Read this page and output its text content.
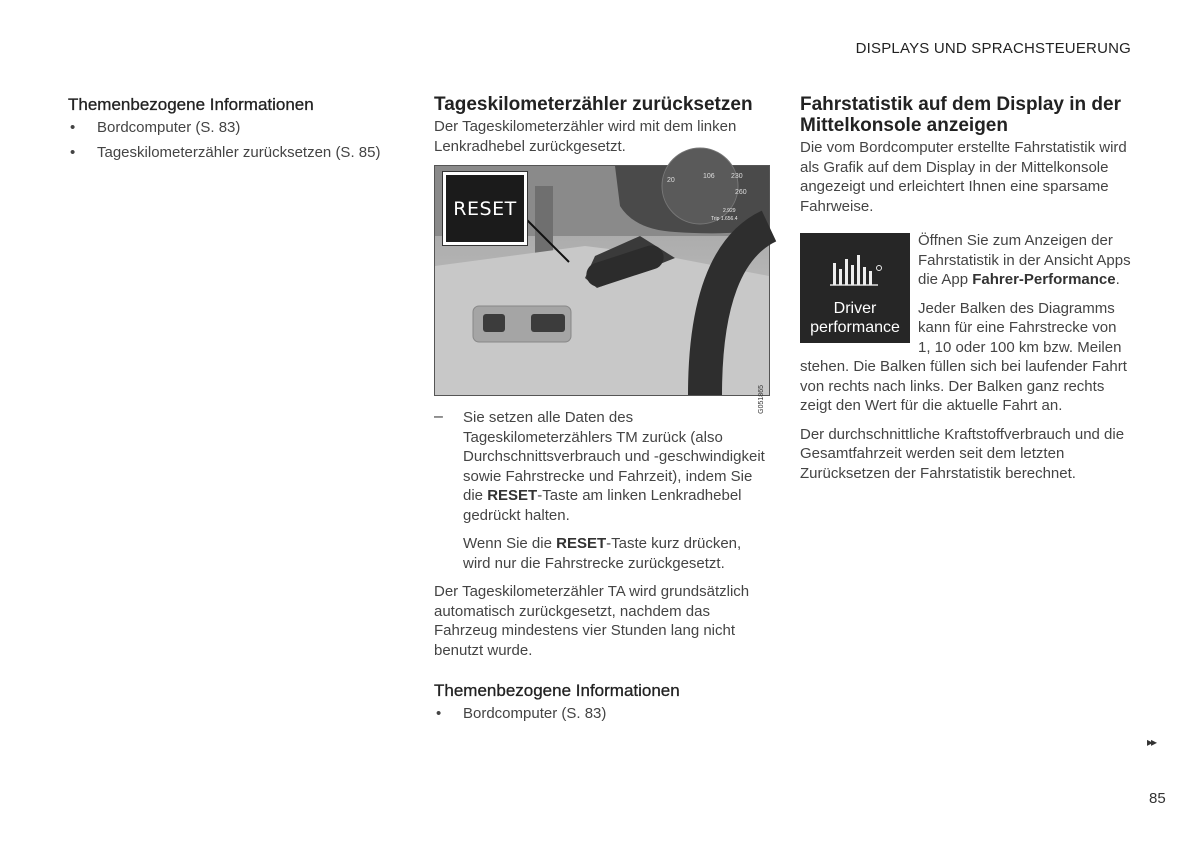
DISPLAYS UND SPRACHSTEUERUNG
Themenbezogene Informationen
• Bordcomputer (S. 83)
• Tageskilometerzähler zurücksetzen (S. 85)
Tageskilometerzähler zurücksetzen

Der Tageskilometerzähler wird mit dem linken Lenkradhebel zurückgesetzt.

20
106 230
260
2.929
Trip 1.656.4
RESET
G051865
– Sie setzen alle Daten des Tageskilometerzählers TM zurück (also Durchschnittsverbrauch und -geschwindigkeit sowie Fahrstrecke und Fahrzeit), indem Sie die RESET-Taste am linken Lenkradhebel gedrückt halten.

Wenn Sie die RESET-Taste kurz drücken, wird nur die Fahrstrecke zurückgesetzt.

Der Tageskilometerzähler TA wird grundsätzlich automatisch zurückgesetzt, nachdem das Fahrzeug mindestens vier Stunden lang nicht benutzt wurde.

Themenbezogene Informationen
• Bordcomputer (S. 83)
Fahrstatistik auf dem Display in der Mittelkonsole anzeigen

Die vom Bordcomputer erstellte Fahrstatistik wird als Grafik auf dem Display in der Mittelkonsole angezeigt und erleichtert Ihnen eine sparsame Fahrweise.

Driver
performance

Öffnen Sie zum Anzeigen der Fahrstatistik in der Ansicht Apps die App Fahrer-Performance.

Jeder Balken des Diagramms kann für eine Fahrstrecke von 1, 10 oder 100 km bzw. Meilen stehen. Die Balken füllen sich bei laufender Fahrt von rechts nach links. Der Balken ganz rechts zeigt den Wert für die aktuelle Fahrt an.

Der durchschnittliche Kraftstoffverbrauch und die Gesamtfahrzeit werden seit dem letzten Zurücksetzen der Fahrstatistik berechnet.

▸▸
85
